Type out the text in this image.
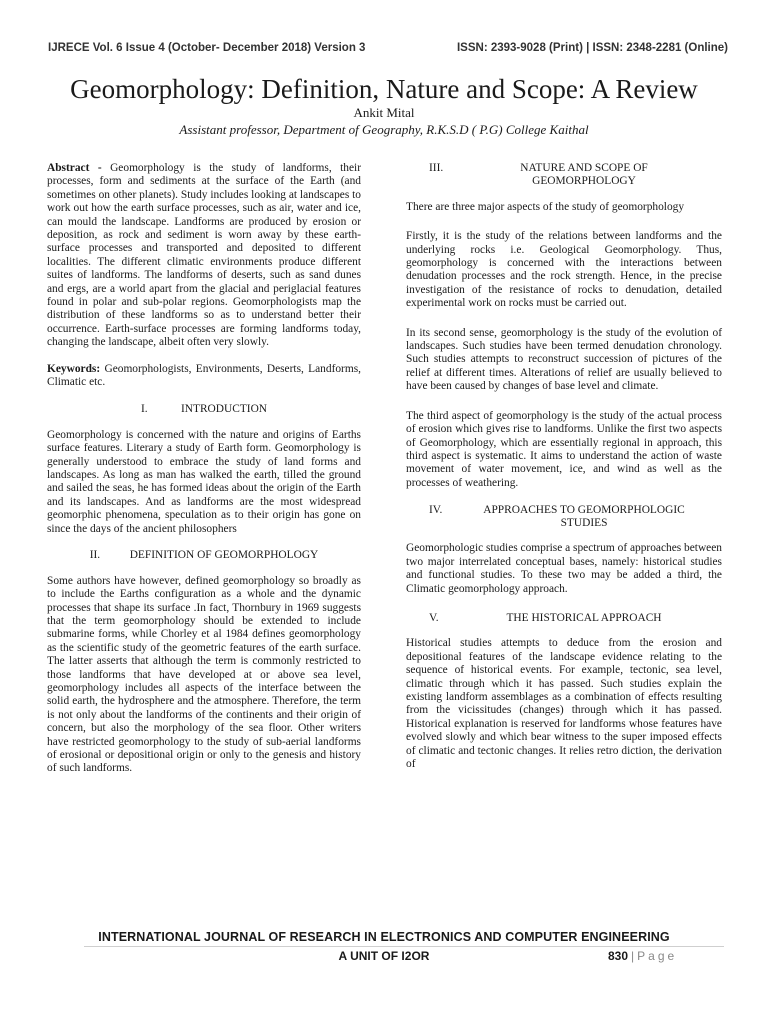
IJRECE Vol. 6 Issue 4 (October- December 2018) Version 3	ISSN: 2393-9028 (Print) | ISSN: 2348-2281 (Online)
Geomorphology: Definition, Nature and Scope: A Review
Ankit Mital
Assistant professor, Department of Geography, R.K.S.D ( P.G) College Kaithal

Abstract - Geomorphology is the study of landforms, their processes, form and sediments at the surface of the Earth (and sometimes on other planets). Study includes looking at landscapes to work out how the earth surface processes, such as air, water and ice, can mould the landscape. Landforms are produced by erosion or deposition, as rock and sediment is worn away by these earth-surface processes and transported and deposited to different localities. The different climatic environments produce different suites of landforms. The landforms of deserts, such as sand dunes and ergs, are a world apart from the glacial and periglacial features found in polar and sub-polar regions. Geomorphologists map the distribution of these landforms so as to understand better their occurrence. Earth-surface processes are forming landforms today, changing the landscape, albeit often very slowly.

Keywords: Geomorphologists, Environments, Deserts, Landforms, Climatic etc.

I.	INTRODUCTION

Geomorphology is concerned with the nature and origins of Earths surface features. Literary a study of Earth form. Geomorphology is generally understood to embrace the study of land forms and landscapes. As long as man has walked the earth, tilled the ground and sailed the seas, he has formed ideas about the origin of the Earth and its landscapes. And as landforms are the most widespread geomorphic phenomena, speculation as to their origin has gone on since the days of the ancient philosophers

II.	DEFINITION OF GEOMORPHOLOGY

Some authors have however, defined geomorphology so broadly as to include the Earths configuration as a whole and the dynamic processes that shape its surface .In fact, Thornbury in 1969 suggests that the term geomorphology should be extended to include submarine forms, while Chorley et al 1984 defines geomorphology as the scientific study of the geometric features of the earth surface. The latter asserts that although the term is commonly restricted to those landforms that have developed at or above sea level, geomorphology includes all aspects of the interface between the solid earth, the hydrosphere and the atmosphere. Therefore, the term is not only about the landforms of the continents and their origin of concern, but also the morphology of the sea floor. Other writers have restricted geomorphology to the study of sub-aerial landforms of erosional or depositional origin or only to the genesis and history of such landforms.

III.	NATURE AND SCOPE OF GEOMORPHOLOGY

There are three major aspects of the study of geomorphology

Firstly, it is the study of the relations between landforms and the underlying rocks i.e. Geological Geomorphology. Thus, geomorphology is concerned with the interactions between denudation processes and the rock strength. Hence, in the precise investigation of the resistance of rocks to denudation, detailed experimental work on rocks must be carried out.

In its second sense, geomorphology is the study of the evolution of landscapes. Such studies have been termed denudation chronology. Such studies attempts to reconstruct succession of pictures of the relief at different times. Alterations of relief are usually believed to have been caused by changes of base level and climate.

The third aspect of geomorphology is the study of the actual process of erosion which gives rise to landforms. Unlike the first two aspects of Geomorphology, which are essentially regional in approach, this third aspect is systematic. It aims to understand the action of waste movement of water movement, ice, and wind as well as the processes of weathering.

IV.	APPROACHES TO GEOMORPHOLOGIC STUDIES

Geomorphologic studies comprise a spectrum of approaches between two major interrelated conceptual bases, namely: historical studies and functional studies. To these two may be added a third, the Climatic geomorphology approach.

V.	THE HISTORICAL APPROACH

Historical studies attempts to deduce from the erosion and depositional features of the landscape evidence relating to the sequence of historical events. For example, tectonic, sea level, climatic through which it has passed. Such studies explain the existing landform assemblages as a combination of effects resulting from the vicissitudes (changes) through which it has passed. Historical explanation is reserved for landforms whose features have evolved slowly and which bear witness to the super imposed effects of climatic and tectonic changes. It relies retro diction, the derivation of

INTERNATIONAL JOURNAL OF RESEARCH IN ELECTRONICS AND COMPUTER ENGINEERING
A UNIT OF I2OR	830 | Page
